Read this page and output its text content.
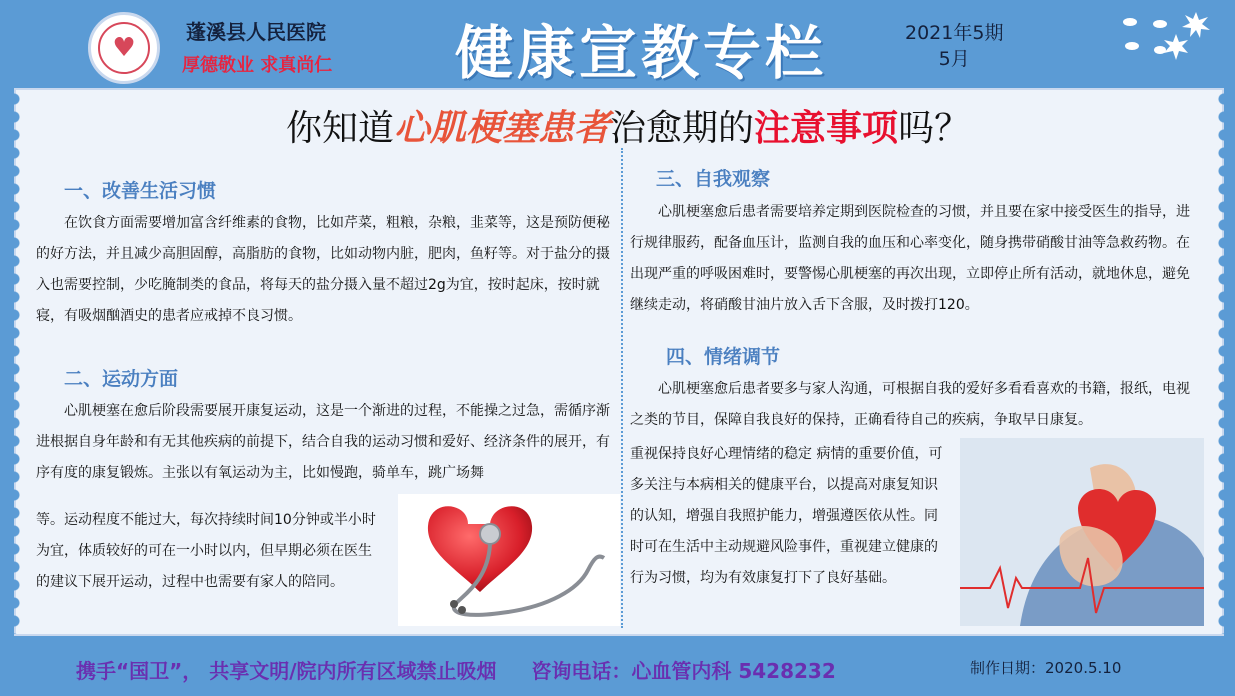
♥
蓬溪县人民医院
厚德敬业 求真尚仁 健康宣教专栏	2021年5期
5月
你知道心肌梗塞患者治愈期的注意事项吗？
一、改善生活习惯
在饮食方面需要增加富含纤维素的食物，比如芹菜，粗粮，杂粮，韭菜等，这是预防便秘的好方法，并且减少高胆固醇，高脂肪的食物，比如动物内脏，肥肉，鱼籽等。对于盐分的摄入也需要控制，少吃腌制类的食品，将每天的盐分摄入量不超过2g为宜，按时起床，按时就寝，有吸烟酗酒史的患者应戒掉不良习惯。
二、运动方面
心肌梗塞在愈后阶段需要展开康复运动，这是一个渐进的过程，不能操之过急，需循序渐进根据自身年龄和有无其他疾病的前提下，结合自我的运动习惯和爱好、经济条件的展开，有序有度的康复锻炼。主张以有氧运动为主，比如慢跑，骑单车，跳广场舞
等。运动程度不能过大，每次持续时间10分钟或半小时为宜，体质较好的可在一小时以内，但早期必须在医生的建议下展开运动，过程中也需要有家人的陪同。
三、自我观察
心肌梗塞愈后患者需要培养定期到医院检查的习惯，并且要在家中接受医生的指导，进行规律服药，配备血压计，监测自我的血压和心率变化，随身携带硝酸甘油等急救药物。在出现严重的呼吸困难时，要警惕心肌梗塞的再次出现，立即停止所有活动，就地休息，避免继续走动，将硝酸甘油片放入舌下含服，及时拨打120。
四、情绪调节
心肌梗塞愈后患者要多与家人沟通，可根据自我的爱好多看看喜欢的书籍，报纸，电视之类的节目，保障自我良好的保持，正确看待自己的疾病，争取早日康复。
重视保持良好心理情绪的稳定 病情的重要价值，可多关注与本病相关的健康平台，以提高对康复知识的认知，增强自我照护能力，增强遵医依从性。同时可在生活中主动规避风险事件，重视建立健康的行为习惯，均为有效康复打下了良好基础。
携手“国卫”， 共享文明/院内所有区域禁止吸烟 咨询电话：心血管内科 5428232	制作日期：2020.5.10
